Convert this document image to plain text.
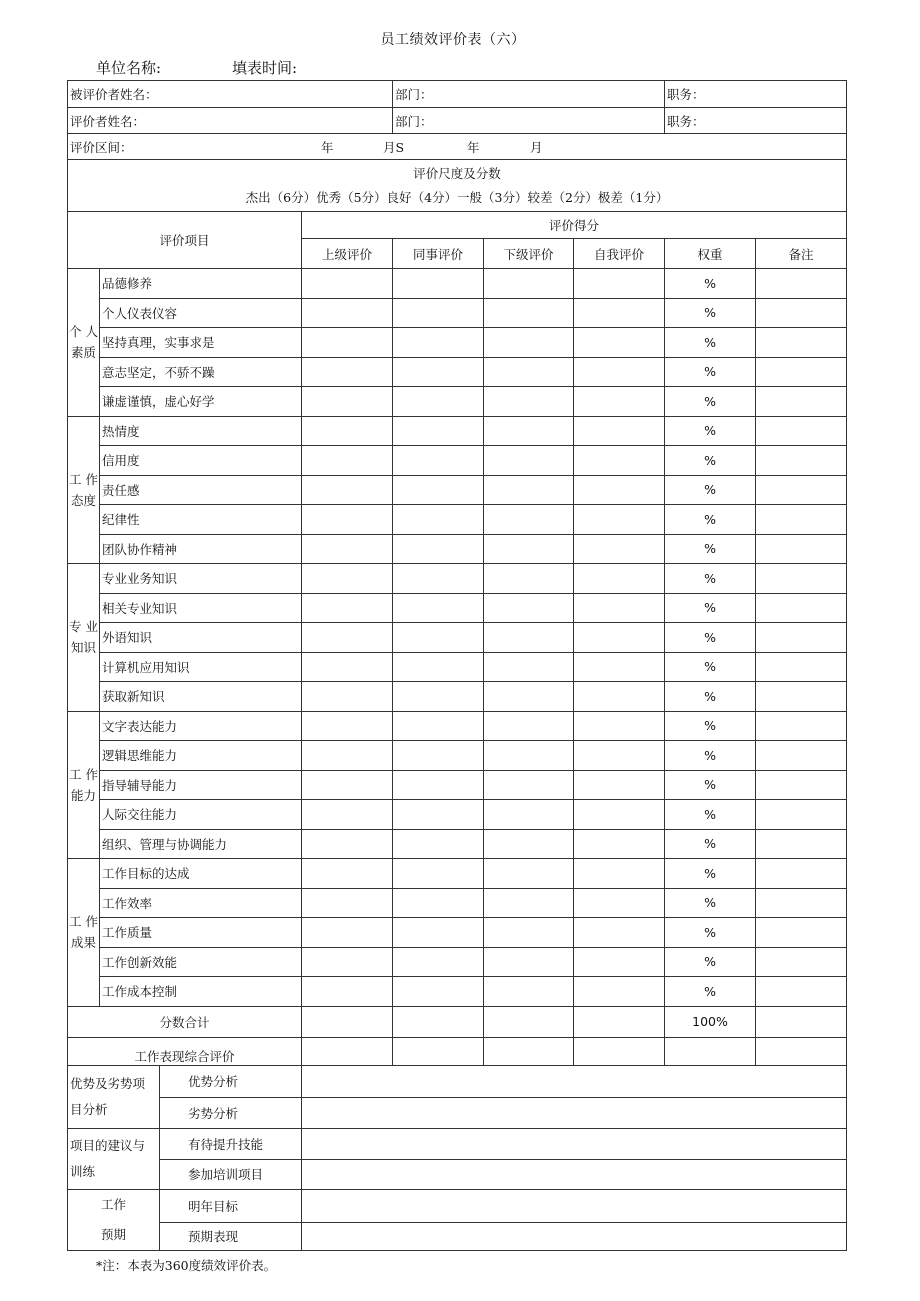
员工绩效评价表（六）
单位名称:	填表时间:
被评价者姓名：				部门：			职务：	
评价者姓名：				部门：			职务：	
评价区间： 年 月S 年 月								

评价尺度及分数
杰出（6分）优秀（5分）良好（4分）一般（3分）较差（2分）极差（1分）								

评价项目			评价得分					
			上级评价	同事评价	下级评价	自我评价	权重	备注

个 人
素质	品德修养						%	
	个人仪表仪容						%	
	坚持真理，实事求是						%	
	意志坚定，不骄不躁						%	
	谦虚谨慎，虚心好学						%	

工 作
态度	热情度						%	
	信用度						%	
	责任感						%	
	纪律性						%	
	团队协作精神						%	

专 业
知识	专业业务知识						%	
	相关专业知识						%	
	外语知识						%	
	计算机应用知识						%	
	获取新知识						%	

工 作
能力	文字表达能力						%	
	逻辑思维能力						%	
	指导辅导能力						%	
	人际交往能力						%	
	组织、管理与协调能力						%	

工 作
成果	工作目标的达成						%	
	工作效率						%	
	工作质量						%	
	工作创新效能						%	
	工作成本控制						%	
分数合计							100%	
工作表现综合评价								

优势及劣势项
目分析		优势分析						
		劣势分析						

项目的建议与
训练		有待提升技能						
		参加培训项目						

工作
预期		明年目标						
		预期表现						
*注：本表为360度绩效评价表。
